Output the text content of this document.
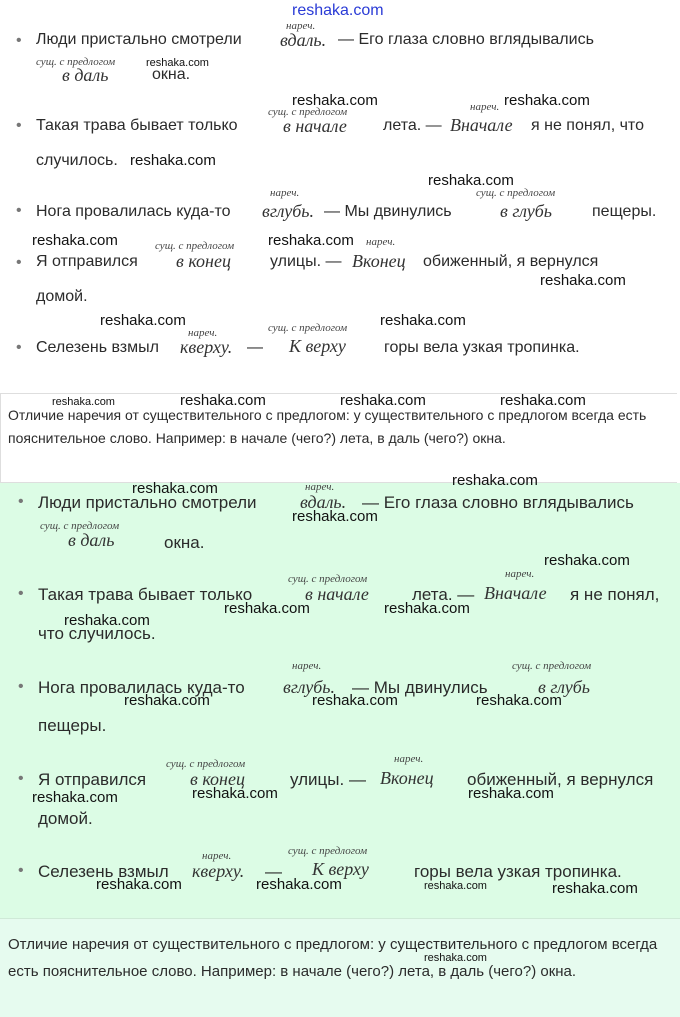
reshaka.com
• Люди пристально смотрели
нареч.
вдаль. — Его глаза словно вглядывались
сущ. с предлогом
в даль	окна.
• Такая трава бывает только
сущ. с предлогом
в начале лета. —
нареч.
Вначале я не понял, что
случилось.
• Нога провалилась куда-то
нареч.
вглубь. — Мы двинулись
сущ. с предлогом
в глубь	пещеры.
• Я отправился
сущ. с предлогом
в конец улицы. —
нареч.
Вконец обиженный, я вернулся
домой.
• Селезень взмыл
нареч.
кверху. —
сущ. с предлогом
К верху горы вела узкая тропинка.
Отличие наречия от существительного с предлогом: у существительного с предлогом всегда есть пояснительное слово. Например: в начале (чего?) лета, в даль (чего?) окна.
• Люди пристально смотрели
нареч.
вдаль. — Его глаза словно вглядывались
сущ. с предлогом
в даль	окна.
• Такая трава бывает только
сущ. с предлогом
в начале	лета. —
нареч.
Вначале я не понял,
что случилось.
• Нога провалилась куда-то
нареч.
вглубь. — Мы двинулись
сущ. с предлогом
в глубь
пещеры.
• Я отправился
сущ. с предлогом
в конец	улицы. —
нареч.
Вконец обиженный, я вернулся
домой.
• Селезень взмыл
нареч.
кверху. —
сущ. с предлогом
К верху	горы вела узкая тропинка.
Отличие наречия от существительного с предлогом: у существительного с предлогом всегда есть пояснительное слово. Например: в начале (чего?) лета, в даль (чего?) окна.
reshaka.com
reshaka.com	reshaka.com
reshaka.com
reshaka.com
reshaka.com	reshaka.com
reshaka.com
reshaka.com	reshaka.com
reshaka.com	reshaka.com	reshaka.com	reshaka.com
reshaka.com
reshaka.com
reshaka.com
reshaka.com
reshaka.com	reshaka.com
reshaka.com
reshaka.com	reshaka.com	reshaka.com
reshaka.com	reshaka.com
reshaka.com
reshaka.com	reshaka.com	reshaka.com	reshaka.com
reshaka.com
